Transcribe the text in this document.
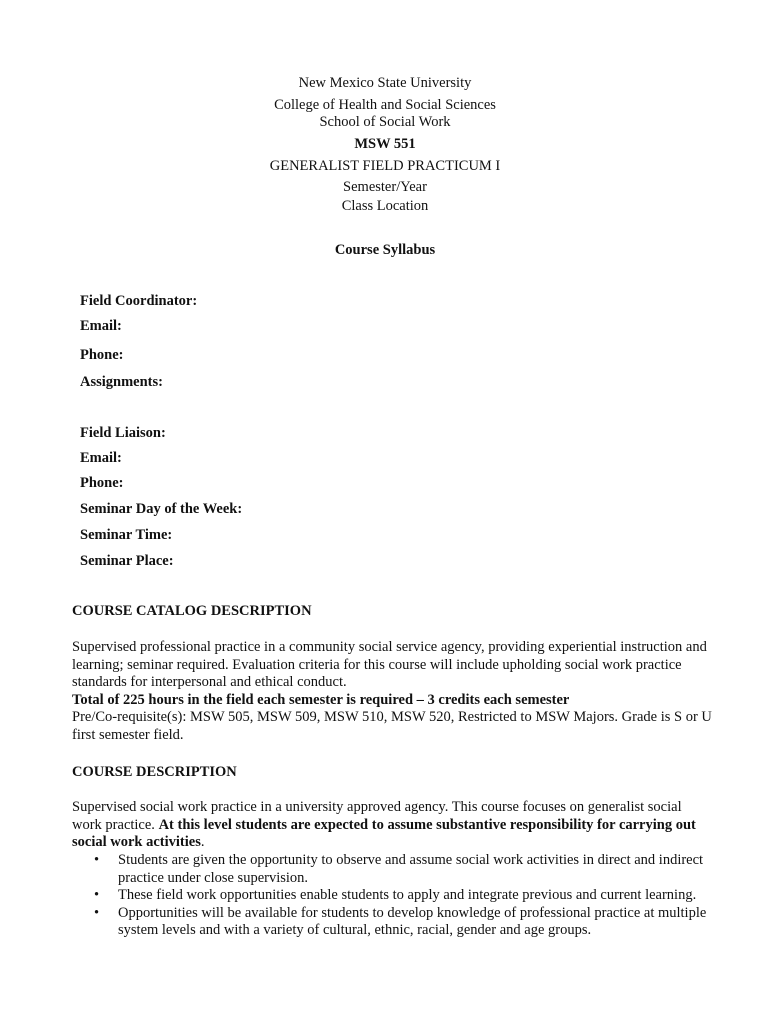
New Mexico State University
College of Health and Social Sciences
School of Social Work
MSW 551
GENERALIST FIELD PRACTICUM I
Semester/Year
Class Location
Course Syllabus
Field Coordinator:
Email:
Phone:
Assignments:
Field Liaison:
Email:
Phone:
Seminar Day of the Week:
Seminar Time:
Seminar Place:
COURSE CATALOG DESCRIPTION

Supervised professional practice in a community social service agency, providing experiential instruction and learning; seminar required. Evaluation criteria for this course will include upholding social work practice standards for interpersonal and ethical conduct.

Total of 225 hours in the field each semester is required – 3 credits each semester

Pre/Co-requisite(s): MSW 505, MSW 509, MSW 510, MSW 520, Restricted to MSW Majors. Grade is S or U first semester field.

COURSE DESCRIPTION

Supervised social work practice in a university approved agency. This course focuses on generalist social work practice. At this level students are expected to assume substantive responsibility for carrying out social work activities.

• Students are given the opportunity to observe and assume social work activities in direct and indirect practice under close supervision.
• These field work opportunities enable students to apply and integrate previous and current learning.
• Opportunities will be available for students to develop knowledge of professional practice at multiple system levels and with a variety of cultural, ethnic, racial, gender and age groups.
